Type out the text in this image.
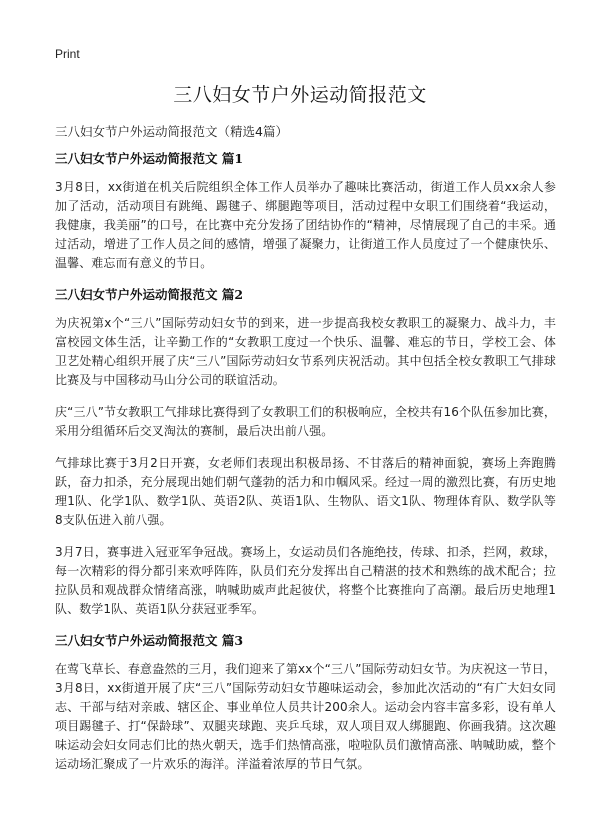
Print
三八妇女节户外运动简报范文
三八妇女节户外运动简报范文（精选4篇）
三八妇女节户外运动简报范文 篇1

3月8日，xx街道在机关后院组织全体工作人员举办了趣味比赛活动，街道工作人员xx余人参加了活动，活动项目有跳绳、踢毽子、绑腿跑等项目，活动过程中女职工们围绕着“我运动，我健康，我美丽”的口号，在比赛中充分发扬了团结协作的“精神，尽情展现了自己的丰采。通过活动，增进了工作人员之间的感情，增强了凝聚力，让街道工作人员度过了一个健康快乐、温馨、难忘而有意义的节日。

三八妇女节户外运动简报范文 篇2

为庆祝第x个“三八”国际劳动妇女节的到来，进一步提高我校女教职工的凝聚力、战斗力，丰富校园文体生活，让辛勤工作的“女教职工度过一个快乐、温馨、难忘的节日，学校工会、体卫艺处精心组织开展了庆“三八”国际劳动妇女节系列庆祝活动。其中包括全校女教职工气排球比赛及与中国移动马山分公司的联谊活动。

庆“三八”节女教职工气排球比赛得到了女教职工们的积极响应，全校共有16个队伍参加比赛，采用分组循环后交叉淘汰的赛制，最后决出前八强。

气排球比赛于3月2日开赛，女老师们表现出积极昂扬、不甘落后的精神面貌，赛场上奔跑腾跃，奋力扣杀，充分展现出她们朝气蓬勃的活力和巾帼风采。经过一周的激烈比赛，有历史地理1队、化学1队、数学1队、英语2队、英语1队、生物队、语文1队、物理体育队、数学队等8支队伍进入前八强。

3月7日，赛事进入冠亚军争冠战。赛场上，女运动员们各施绝技，传球、扣杀，拦网，救球，每一次精彩的得分都引来欢呼阵阵，队员们充分发挥出自己精湛的技术和熟练的战术配合；拉拉队员和观战群众情绪高涨，呐喊助威声此起彼伏，将整个比赛推向了高潮。最后历史地理1队、数学1队、英语1队分获冠亚季军。

三八妇女节户外运动简报范文 篇3

在莺飞草长、春意盎然的三月，我们迎来了第xx个“三八”国际劳动妇女节。为庆祝这一节日，3月8日，xx街道开展了庆“三八”国际劳动妇女节趣味运动会，参加此次活动的“有广大妇女同志、干部与结对亲戚、辖区企、事业单位人员共计200余人。运动会内容丰富多彩，设有单人项目踢毽子、打“保龄球”、双腿夹球跑、夹乒乓球，双人项目双人绑腿跑、你画我猜。这次趣味运动会妇女同志们比的热火朝天，选手们热情高涨，啦啦队员们激情高涨、呐喊助威，整个运动场汇聚成了一片欢乐的海洋。洋溢着浓厚的节日气氛。
